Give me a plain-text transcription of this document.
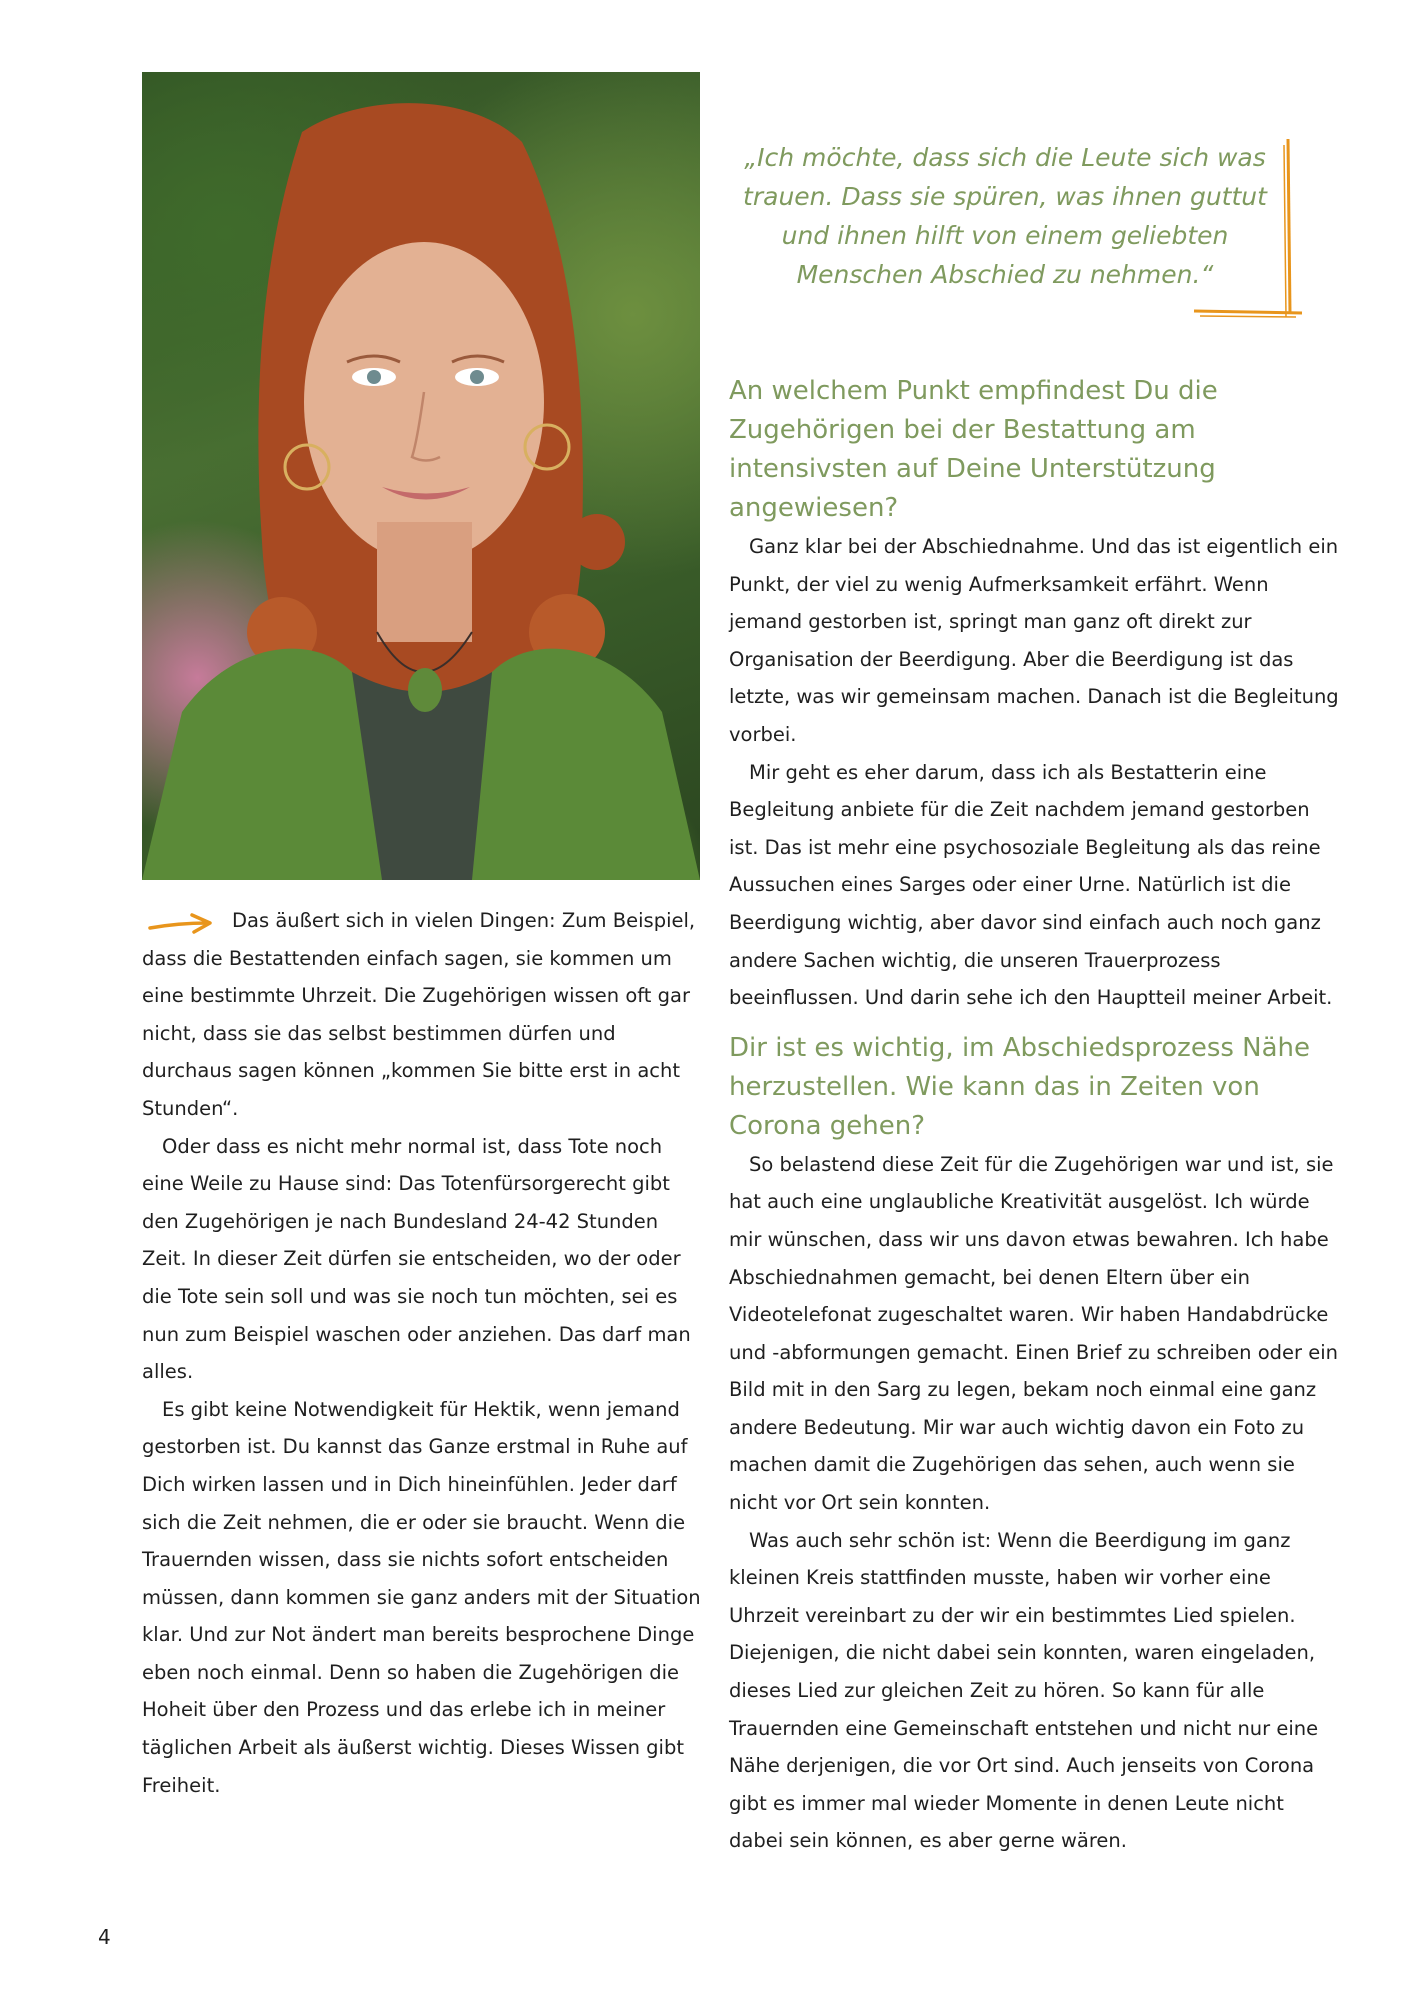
„Ich möchte, dass sich die Leute sich was trauen. Dass sie spüren, was ihnen guttut und ihnen hilft von einem geliebten Menschen Abschied zu nehmen.“
An welchem Punkt empfindest Du die Zugehörigen bei der Bestattung am intensivsten auf Deine Unterstützung angewiesen?

Ganz klar bei der Abschiednahme. Und das ist eigentlich ein Punkt, der viel zu wenig Aufmerksamkeit erfährt. Wenn jemand gestorben ist, springt man ganz oft direkt zur Organisation der Beerdigung. Aber die Beerdigung ist das letzte, was wir gemeinsam machen. Danach ist die Begleitung vorbei.

Mir geht es eher darum, dass ich als Bestatterin eine Begleitung anbiete für die Zeit nachdem jemand gestorben ist. Das ist mehr eine psychosoziale Begleitung als das reine Aussuchen eines Sarges oder einer Urne. Natürlich ist die Beerdigung wichtig, aber davor sind einfach auch noch ganz andere Sachen wichtig, die unseren Trauerprozess beeinflussen. Und darin sehe ich den Hauptteil meiner Arbeit.

Dir ist es wichtig, im Abschiedsprozess Nähe herzustellen. Wie kann das in Zeiten von Corona gehen?

So belastend diese Zeit für die Zugehörigen war und ist, sie hat auch eine unglaubliche Kreativität ausgelöst. Ich würde mir wünschen, dass wir uns davon etwas bewahren. Ich habe Abschiednahmen gemacht, bei denen Eltern über ein Videotelefonat zugeschaltet waren. Wir haben Handabdrücke und -abformungen gemacht. Einen Brief zu schreiben oder ein Bild mit in den Sarg zu legen, bekam noch einmal eine ganz andere Bedeutung. Mir war auch wichtig davon ein Foto zu machen damit die Zugehörigen das sehen, auch wenn sie nicht vor Ort sein konnten.

Was auch sehr schön ist: Wenn die Beerdigung im ganz kleinen Kreis stattfinden musste, haben wir vorher eine Uhrzeit vereinbart zu der wir ein bestimmtes Lied spielen. Diejenigen, die nicht dabei sein konnten, waren eingeladen, dieses Lied zur gleichen Zeit zu hören. So kann für alle Trauernden eine Gemeinschaft entstehen und nicht nur eine Nähe derjenigen, die vor Ort sind. Auch jenseits von Corona gibt es immer mal wieder Momente in denen Leute nicht dabei sein können, es aber gerne wären.

Das äußert sich in vielen Dingen: Zum Beispiel, dass die Bestattenden einfach sagen, sie kommen um eine bestimmte Uhrzeit. Die Zugehörigen wissen oft gar nicht, dass sie das selbst bestimmen dürfen und durchaus sagen können „kommen Sie bitte erst in acht Stunden“.

Oder dass es nicht mehr normal ist, dass Tote noch eine Weile zu Hause sind: Das Totenfürsorgerecht gibt den Zugehörigen je nach Bundesland 24-42 Stunden Zeit. In dieser Zeit dürfen sie entscheiden, wo der oder die Tote sein soll und was sie noch tun möchten, sei es nun zum Beispiel waschen oder anziehen. Das darf man alles.

Es gibt keine Notwendigkeit für Hektik, wenn jemand gestorben ist. Du kannst das Ganze erstmal in Ruhe auf Dich wirken lassen und in Dich hineinfühlen. Jeder darf sich die Zeit nehmen, die er oder sie braucht. Wenn die Trauernden wissen, dass sie nichts sofort entscheiden müssen, dann kommen sie ganz anders mit der Situation klar. Und zur Not ändert man bereits besprochene Dinge eben noch einmal. Denn so haben die Zugehörigen die Hoheit über den Prozess und das erlebe ich in meiner täglichen Arbeit als äußerst wichtig. Dieses Wissen gibt Freiheit.

4
